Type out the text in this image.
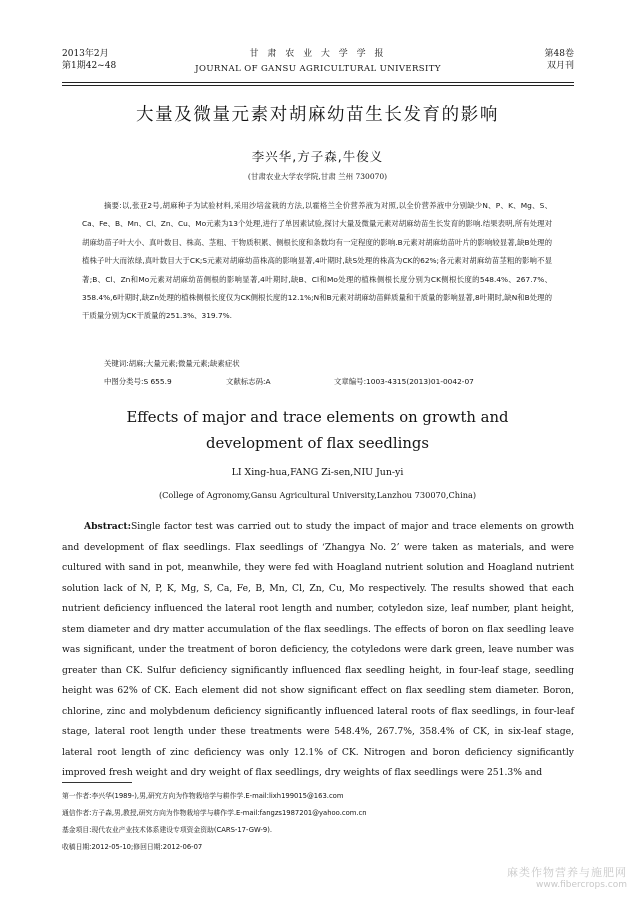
2013年2月
第1期42~48
甘 肃 农 业 大 学 学 报
JOURNAL OF GANSU AGRICULTURAL UNIVERSITY
第48卷
双月刊
大量及微量元素对胡麻幼苗生长发育的影响
李兴华,方子森,牛俊义
(甘肃农业大学农学院,甘肃 兰州 730070)
摘要:以,张亚2号,胡麻种子为试验材料,采用沙培盆栽的方法,以霍格兰全价营养液为对照,以全价营养液中分别缺少N、P、K、Mg、S、Ca、Fe、B、Mn、Cl、Zn、Cu、Mo元素为13个处理,进行了单因素试验,探讨大量及微量元素对胡麻幼苗生长发育的影响.结果表明,所有处理对胡麻幼苗子叶大小、真叶数目、株高、茎粗、干物质积累、侧根长度和条数均有一定程度的影响.B元素对胡麻幼苗叶片的影响较显著,缺B处理的植株子叶大而浓绿,真叶数目大于CK;S元素对胡麻幼苗株高的影响显著,4叶期时,缺S处理的株高为CK的62%;各元素对胡麻幼苗茎粗的影响不显著;B、Cl、Zn和Mo元素对胡麻幼苗侧根的影响显著,4叶期时,缺B、Cl和Mo处理的植株侧根长度分别为CK侧根长度的548.4%、267.7%、358.4%,6叶期时,缺Zn处理的植株侧根长度仅为CK侧根长度的12.1%;N和B元素对胡麻幼苗鲜质量和干质量的影响显著,8叶期时,缺N和B处理的干质量分别为CK干质量的251.3%、319.7%.
关键词:胡麻;大量元素;微量元素;缺素症状
中图分类号:S 655.9	文献标志码:A	文章编号:1003-4315(2013)01-0042-07
Effects of major and trace elements on growth and
development of flax seedlings
LI Xing-hua,FANG Zi-sen,NIU Jun-yi
(College of Agronomy,Gansu Agricultural University,Lanzhou 730070,China)
Abstract:Single factor test was carried out to study the impact of major and trace elements on growth and development of flax seedlings. Flax seedlings of ‘Zhangya No. 2’ were taken as materials, and were cultured with sand in pot, meanwhile, they were fed with Hoagland nutrient solution and Hoagland nutrient solution lack of N, P, K, Mg, S, Ca, Fe, B, Mn, Cl, Zn, Cu, Mo respectively. The results showed that each nutrient deficiency influenced the lateral root length and number, cotyledon size, leaf number, plant height, stem diameter and dry matter accumulation of the flax seedlings. The effects of boron on flax seedling leave was significant, under the treatment of boron deficiency, the cotyledons were dark green, leave number was greater than CK. Sulfur deficiency significantly influenced flax seedling height, in four-leaf stage, seedling height was 62% of CK. Each element did not show significant effect on flax seedling stem diameter. Boron, chlorine, zinc and molybdenum deficiency significantly influenced lateral roots of flax seedlings, in four-leaf stage, lateral root length under these treatments were 548.4%, 267.7%, 358.4% of CK, in six-leaf stage, lateral root length of zinc deficiency was only 12.1% of CK. Nitrogen and boron deficiency significantly improved fresh weight and dry weight of flax seedlings, dry weights of flax seedlings were 251.3% and
第一作者:李兴华(1989-),男,研究方向为作物栽培学与耕作学.E-mail:lixh199015@163.com
通信作者:方子森,男,教授,研究方向为作物栽培学与耕作学.E-mail:fangzs1987201@yahoo.com.cn
基金项目:现代农业产业技术体系建设专项资金资助(CARS-17-GW-9).
收稿日期:2012-05-10;修回日期:2012-06-07
麻类作物营养与施肥网
www.fibercrops.com
